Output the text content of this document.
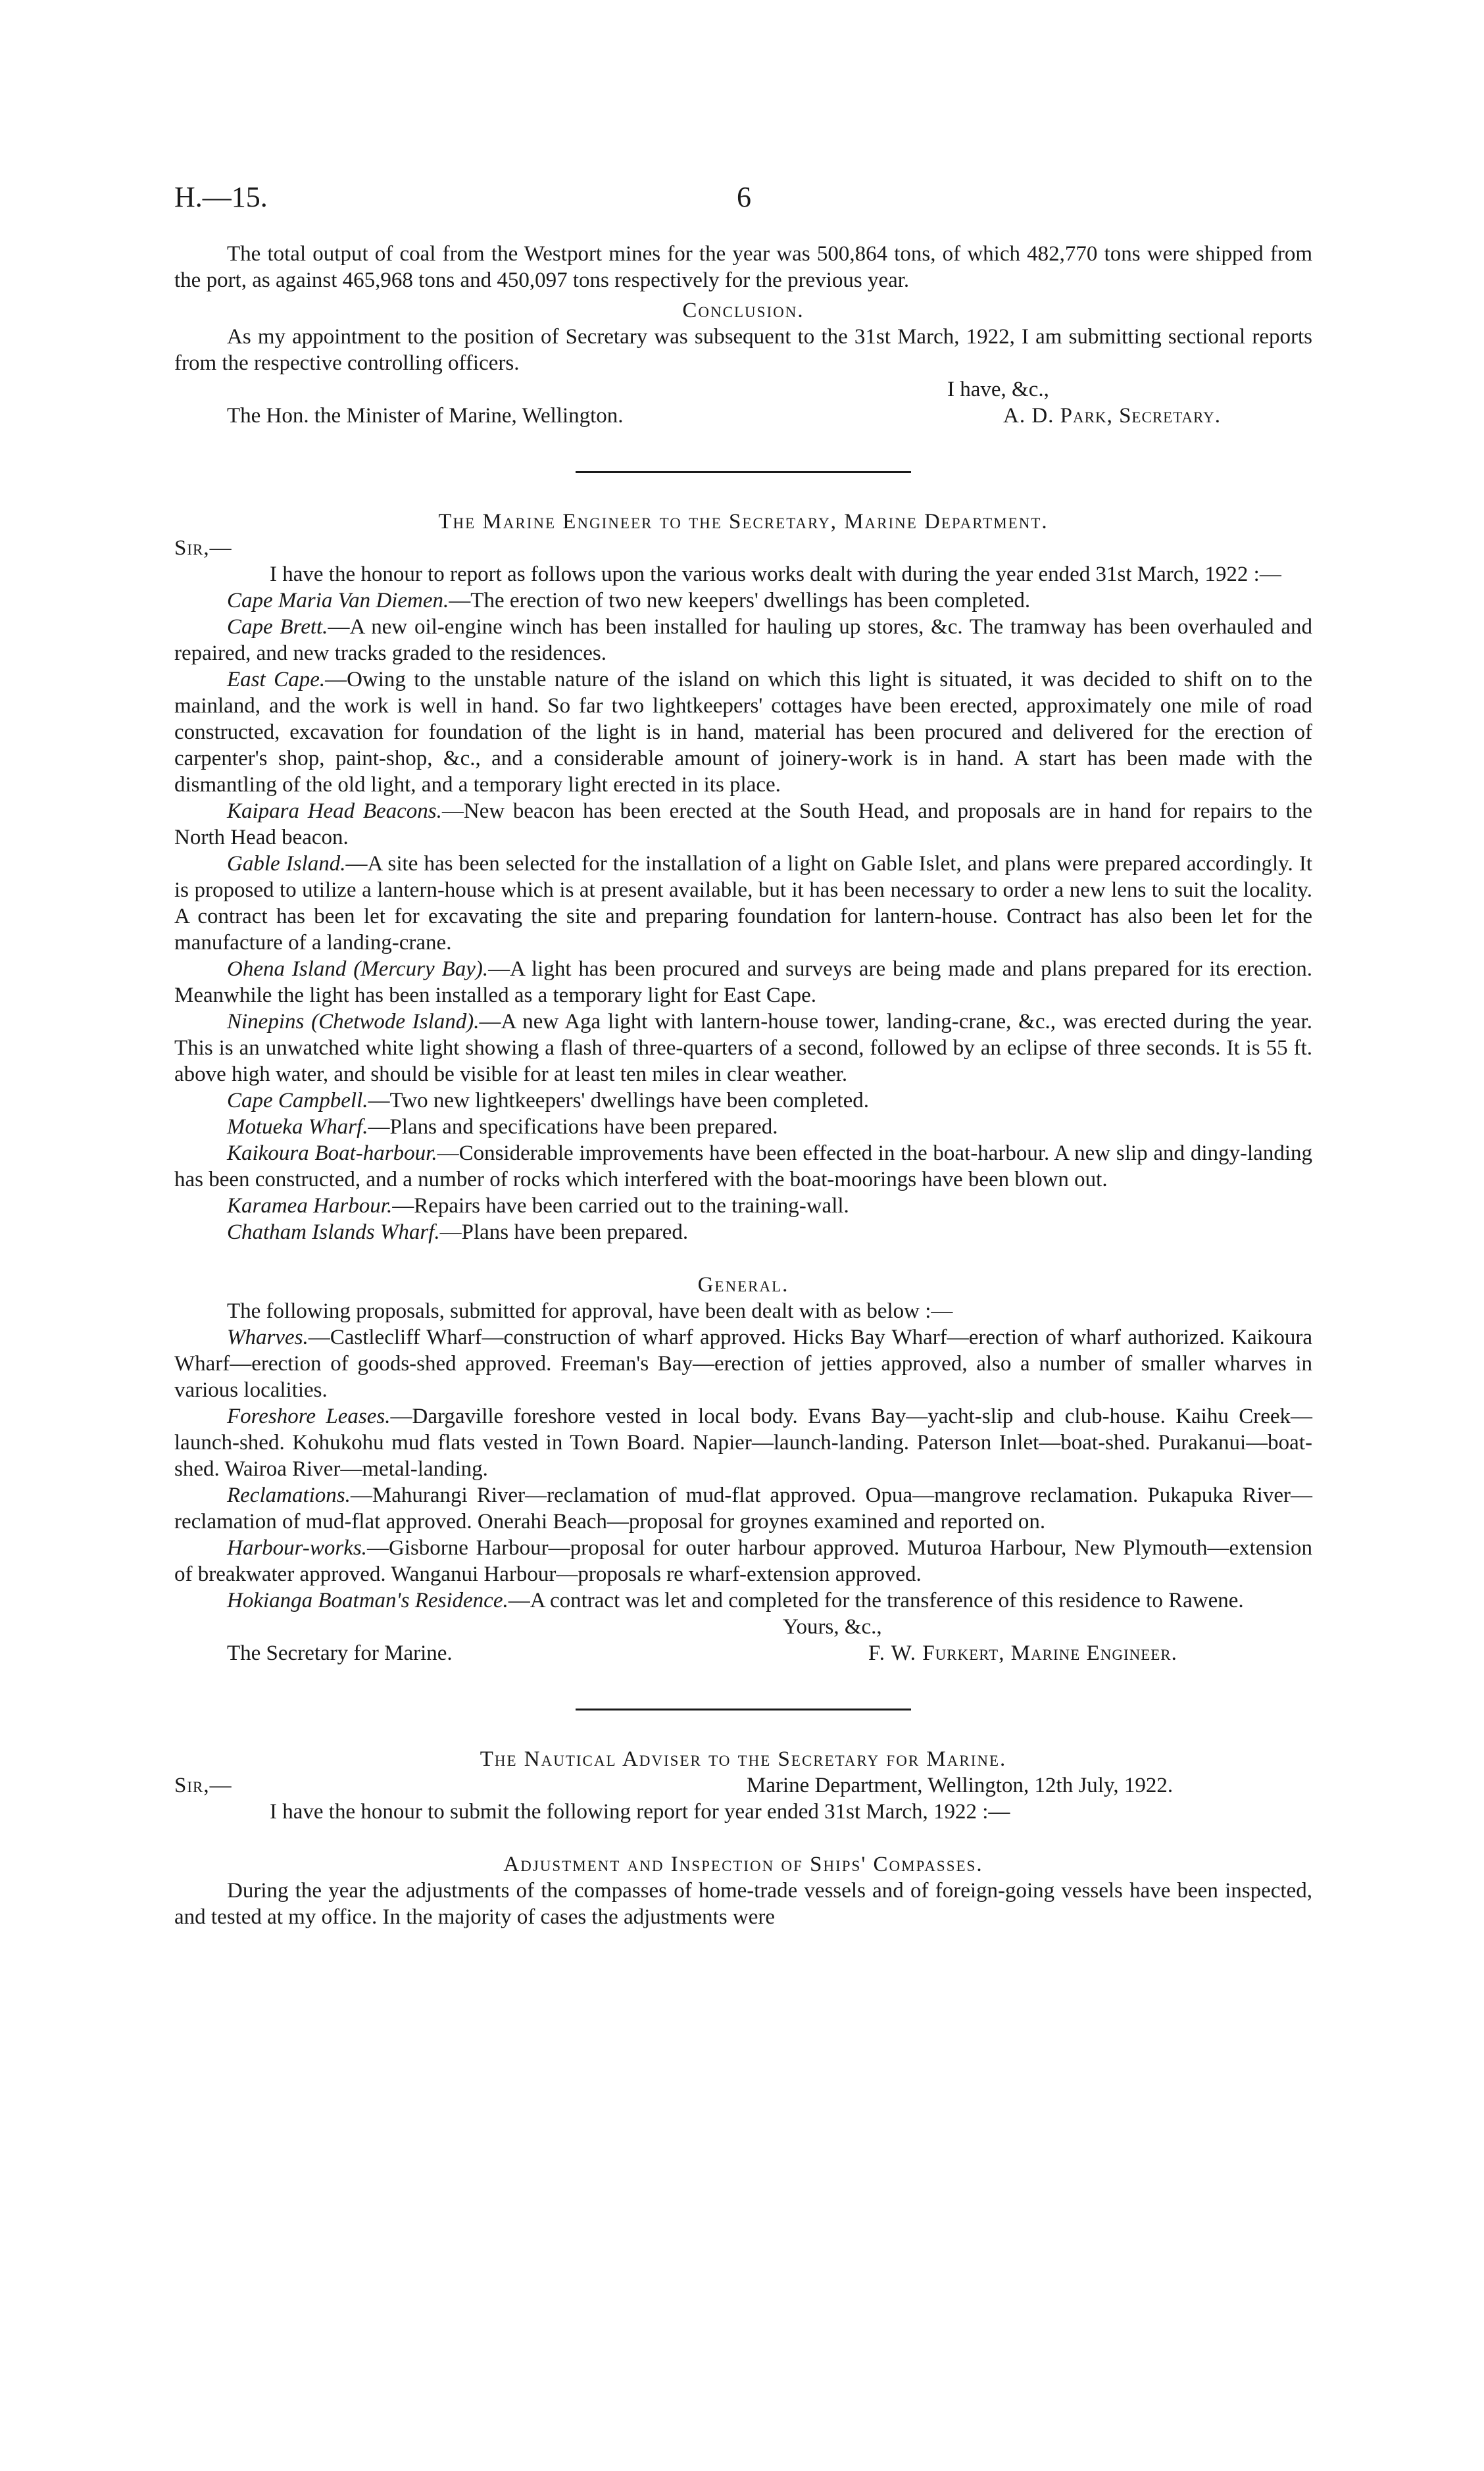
H.—15.	6

The total output of coal from the Westport mines for the year was 500,864 tons, of which 482,770 tons were shipped from the port, as against 465,968 tons and 450,097 tons respectively for the previous year.

Conclusion.

As my appointment to the position of Secretary was subsequent to the 31st March, 1922, I am submitting sectional reports from the respective controlling officers.

I have, &c.,
The Hon. the Minister of Marine, Wellington.	A. D. Park, Secretary.
The Marine Engineer to the Secretary, Marine Department.

Sir,—

I have the honour to report as follows upon the various works dealt with during the year ended 31st March, 1922 :—

Cape Maria Van Diemen.—The erection of two new keepers' dwellings has been completed.

Cape Brett.—A new oil-engine winch has been installed for hauling up stores, &c. The tramway has been overhauled and repaired, and new tracks graded to the residences.

East Cape.—Owing to the unstable nature of the island on which this light is situated, it was decided to shift on to the mainland, and the work is well in hand. So far two lightkeepers' cottages have been erected, approximately one mile of road constructed, excavation for foundation of the light is in hand, material has been procured and delivered for the erection of carpenter's shop, paint-shop, &c., and a considerable amount of joinery-work is in hand. A start has been made with the dismantling of the old light, and a temporary light erected in its place.

Kaipara Head Beacons.—New beacon has been erected at the South Head, and proposals are in hand for repairs to the North Head beacon.

Gable Island.—A site has been selected for the installation of a light on Gable Islet, and plans were prepared accordingly. It is proposed to utilize a lantern-house which is at present available, but it has been necessary to order a new lens to suit the locality. A contract has been let for excavating the site and preparing foundation for lantern-house. Contract has also been let for the manufacture of a landing-crane.

Ohena Island (Mercury Bay).—A light has been procured and surveys are being made and plans prepared for its erection. Meanwhile the light has been installed as a temporary light for East Cape.

Ninepins (Chetwode Island).—A new Aga light with lantern-house tower, landing-crane, &c., was erected during the year. This is an unwatched white light showing a flash of three-quarters of a second, followed by an eclipse of three seconds. It is 55 ft. above high water, and should be visible for at least ten miles in clear weather.

Cape Campbell.—Two new lightkeepers' dwellings have been completed.

Motueka Wharf.—Plans and specifications have been prepared.

Kaikoura Boat-harbour.—Considerable improvements have been effected in the boat-harbour. A new slip and dingy-landing has been constructed, and a number of rocks which interfered with the boat-moorings have been blown out.

Karamea Harbour.—Repairs have been carried out to the training-wall.

Chatham Islands Wharf.—Plans have been prepared.

General.

The following proposals, submitted for approval, have been dealt with as below :—

Wharves.—Castlecliff Wharf—construction of wharf approved. Hicks Bay Wharf—erection of wharf authorized. Kaikoura Wharf—erection of goods-shed approved. Freeman's Bay—erection of jetties approved, also a number of smaller wharves in various localities.

Foreshore Leases.—Dargaville foreshore vested in local body. Evans Bay—yacht-slip and club-house. Kaihu Creek—launch-shed. Kohukohu mud flats vested in Town Board. Napier—launch-landing. Paterson Inlet—boat-shed. Purakanui—boat-shed. Wairoa River—metal-landing.

Reclamations.—Mahurangi River—reclamation of mud-flat approved. Opua—mangrove reclamation. Pukapuka River—reclamation of mud-flat approved. Onerahi Beach—proposal for groynes examined and reported on.

Harbour-works.—Gisborne Harbour—proposal for outer harbour approved. Muturoa Harbour, New Plymouth—extension of breakwater approved. Wanganui Harbour—proposals re wharf-extension approved.

Hokianga Boatman's Residence.—A contract was let and completed for the transference of this residence to Rawene.

Yours, &c.,
The Secretary for Marine.	F. W. Furkert, Marine Engineer.
The Nautical Adviser to the Secretary for Marine.
Sir,—	Marine Department, Wellington, 12th July, 1922.

I have the honour to submit the following report for year ended 31st March, 1922 :—

Adjustment and Inspection of Ships' Compasses.

During the year the adjustments of the compasses of home-trade vessels and of foreign-going vessels have been inspected, and tested at my office. In the majority of cases the adjustments were
